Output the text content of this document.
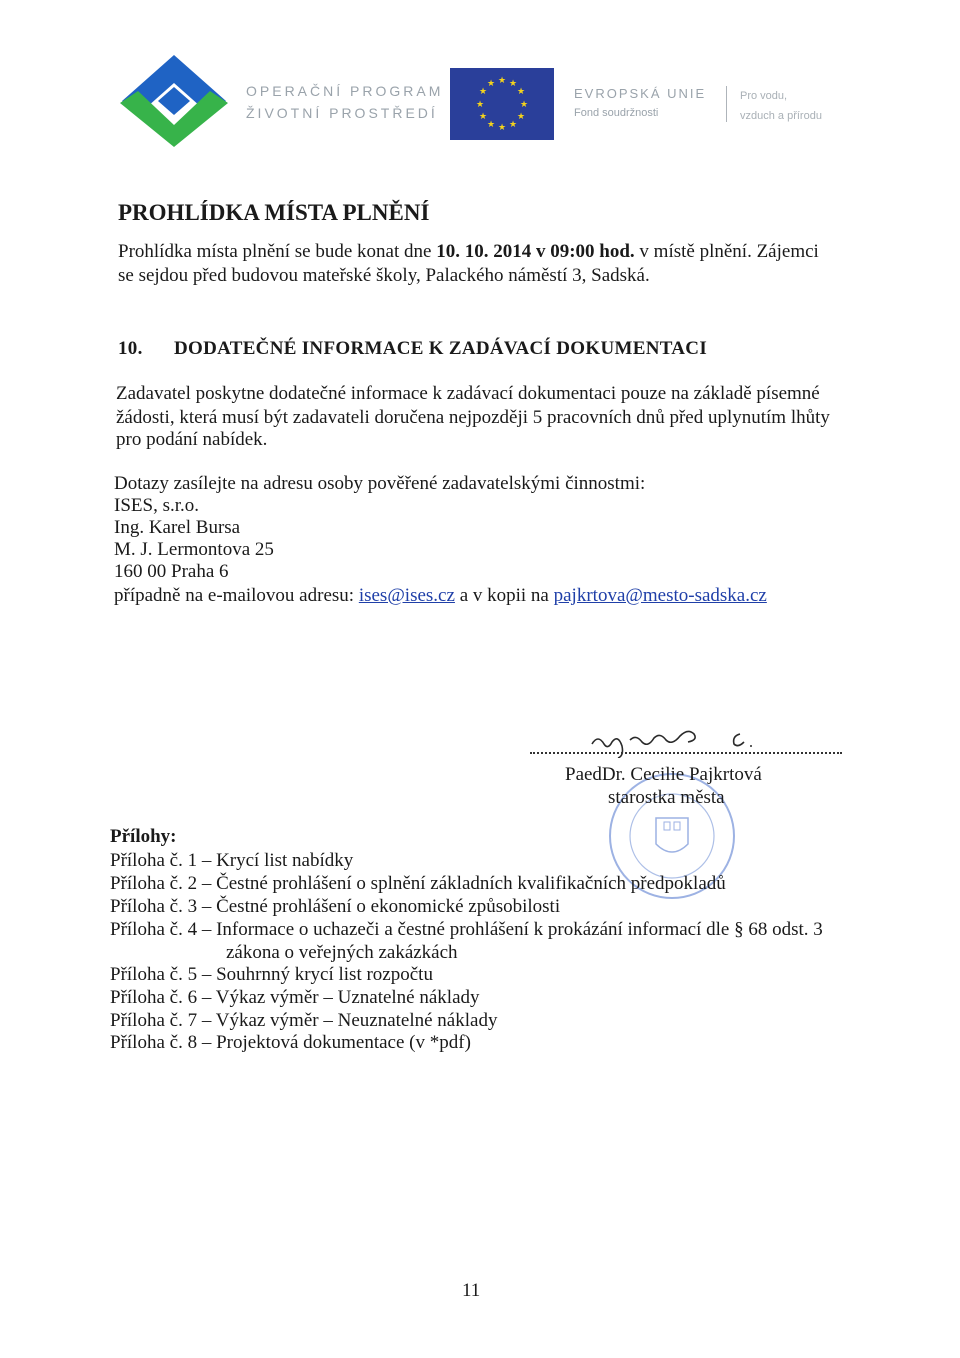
OPERAČNÍ PROGRAM
ŽIVOTNÍ PROSTŘEDÍ
★ ★
★
★
★
★
★
★
★
★
★
★
EVROPSKÁ UNIE
Fond soudržnosti
Pro vodu,
vzduch a přírodu
PROHLÍDKA MÍSTA PLNĚNÍ
Prohlídka místa plnění se bude konat dne 10. 10. 2014 v 09:00 hod. v místě plnění. Zájemci
se sejdou před budovou mateřské školy, Palackého náměstí 3, Sadská.
10. DODATEČNÉ INFORMACE K ZADÁVACÍ DOKUMENTACI
Zadavatel poskytne dodatečné informace k zadávací dokumentaci pouze na základě písemné
žádosti, která musí být zadavateli doručena nejpozději 5 pracovních dnů před uplynutím lhůty
pro podání nabídek.
Dotazy zasílejte na adresu osoby pověřené zadavatelskými činnostmi:
ISES, s.r.o.
Ing. Karel Bursa
M. J. Lermontova 25
160 00 Praha 6
případně na e-mailovou adresu: ises@ises.cz a v kopii na pajkrtova@mesto-sadska.cz
PaedDr. Cecilie Pajkrtová
starostka města
Přílohy:
Příloha č. 1 – Krycí list nabídky
Příloha č. 2 – Čestné prohlášení o splnění základních kvalifikačních předpokladů
Příloha č. 3 – Čestné prohlášení o ekonomické způsobilosti
Příloha č. 4 – Informace o uchazeči a čestné prohlášení k prokázání informací dle § 68 odst. 3
zákona o veřejných zakázkách
Příloha č. 5 – Souhrnný krycí list rozpočtu
Příloha č. 6 – Výkaz výměr – Uznatelné náklady
Příloha č. 7 – Výkaz výměr – Neuznatelné náklady
Příloha č. 8 – Projektová dokumentace (v *pdf)
11
